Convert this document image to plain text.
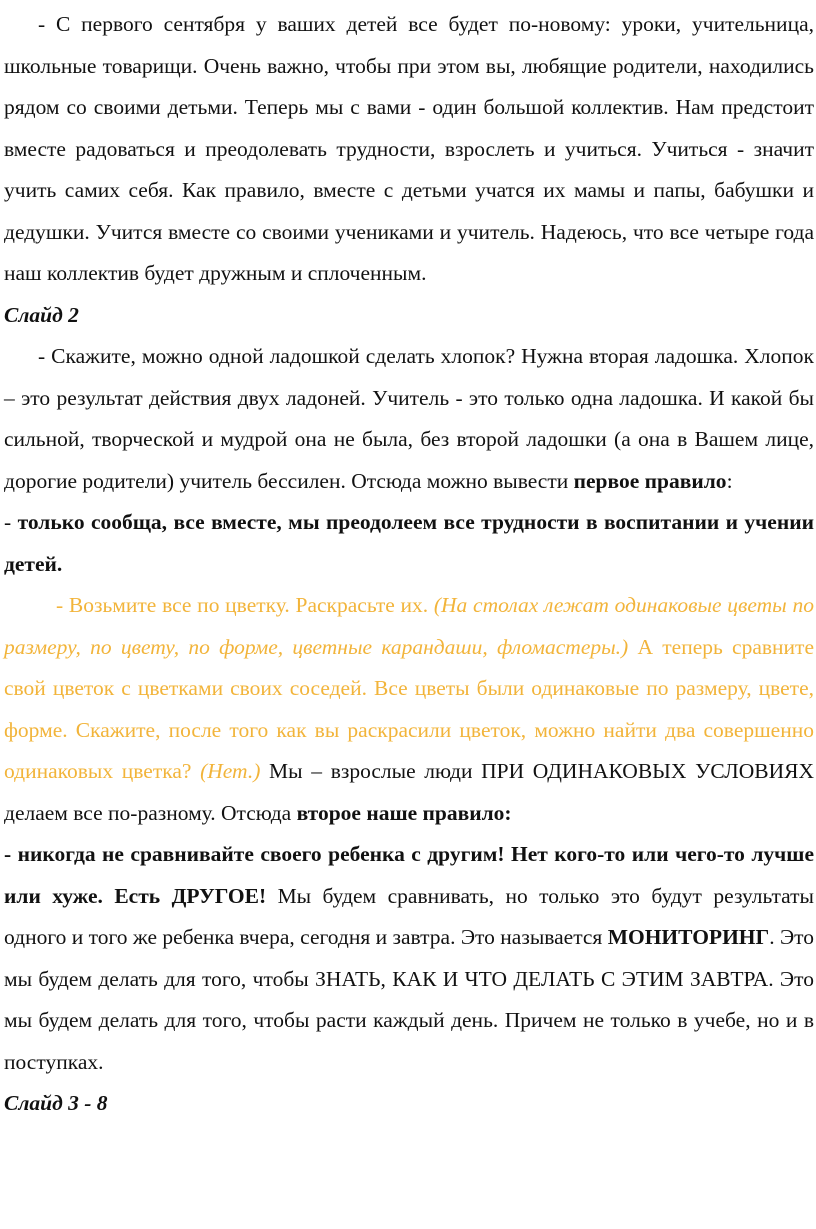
- С первого сентября у ваших детей все будет по-новому: уроки, учительница, школьные товарищи. Очень важно, чтобы при этом вы, любящие родители, находились рядом со своими детьми. Теперь мы с вами - один большой коллектив. Нам предстоит вместе радоваться и преодолевать трудности, взрослеть и учиться. Учиться - значит учить самих себя. Как правило, вместе с детьми учатся их мамы и папы, бабушки и дедушки. Учится вместе со своими учениками и учитель. Надеюсь, что все четыре года наш коллектив будет дружным и сплоченным.

Слайд 2

- Скажите, можно одной ладошкой сделать хлопок? Нужна вторая ладошка. Хлопок – это результат действия двух ладоней. Учитель - это только одна ладошка. И какой бы сильной, творческой и мудрой она не была, без второй ладошки (а она в Вашем лице, дорогие родители) учитель бессилен. Отсюда можно вывести первое правило:

- только сообща, все вместе, мы преодолеем все трудности в воспитании и учении детей.

- Возьмите все по цветку. Раскрасьте их. (На столах лежат одинаковые цветы по размеру, по цвету, по форме, цветные карандаши, фломастеры.) А теперь сравните свой цветок с цветками своих соседей. Все цветы были одинаковые по размеру, цвете, форме. Скажите, после того как вы раскрасили цветок, можно найти два совершенно одинаковых цветка? (Нет.) Мы – взрослые люди ПРИ ОДИНАКОВЫХ УСЛОВИЯХ делаем все по-разному. Отсюда второе наше правило:

- никогда не сравнивайте своего ребенка с другим! Нет кого-то или чего-то лучше или хуже. Есть ДРУГОЕ! Мы будем сравнивать, но только это будут результаты одного и того же ребенка вчера, сегодня и завтра. Это называется МОНИТОРИНГ. Это мы будем делать для того, чтобы ЗНАТЬ, КАК И ЧТО ДЕЛАТЬ С ЭТИМ ЗАВТРА. Это мы будем делать для того, чтобы расти каждый день. Причем не только в учебе, но и в поступках.

Слайд 3 - 8
